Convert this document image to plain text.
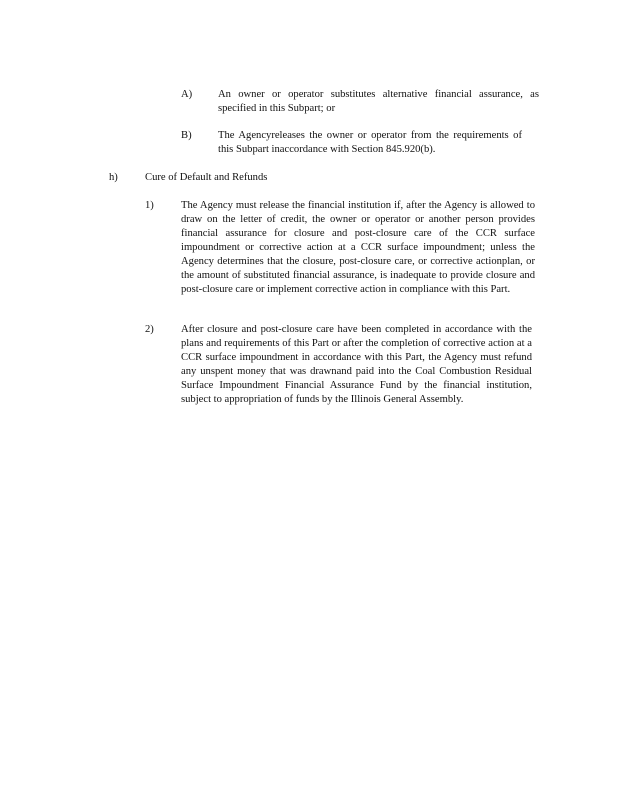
A) An owner or operator substitutes alternative financial assurance, as specified in this Subpart; or
B) The Agencyreleases the owner or operator from the requirements of this Subpart inaccordance with Section 845.920(b).
h)	Cure of Default and Refunds
1)	The Agency must release the financial institution if, after the Agency is allowed to draw on the letter of credit, the owner or operator or another person provides financial assurance for closure and post-closure care of the CCR surface impoundment or corrective action at a CCR surface impoundment; unless the Agency determines that the closure, post-closure care, or corrective actionplan, or the amount of substituted financial assurance, is inadequate to provide closure and post-closure care or implement corrective action in compliance with this Part.
2)	After closure and post-closure care have been completed in accordance with the plans and requirements of this Part or after the completion of corrective action at a CCR surface impoundment in accordance with this Part, the Agency must refund any unspent money that was drawnand paid into the Coal Combustion Residual Surface Impoundment Financial Assurance Fund by the financial institution, subject to appropriation of funds by the Illinois General Assembly.
